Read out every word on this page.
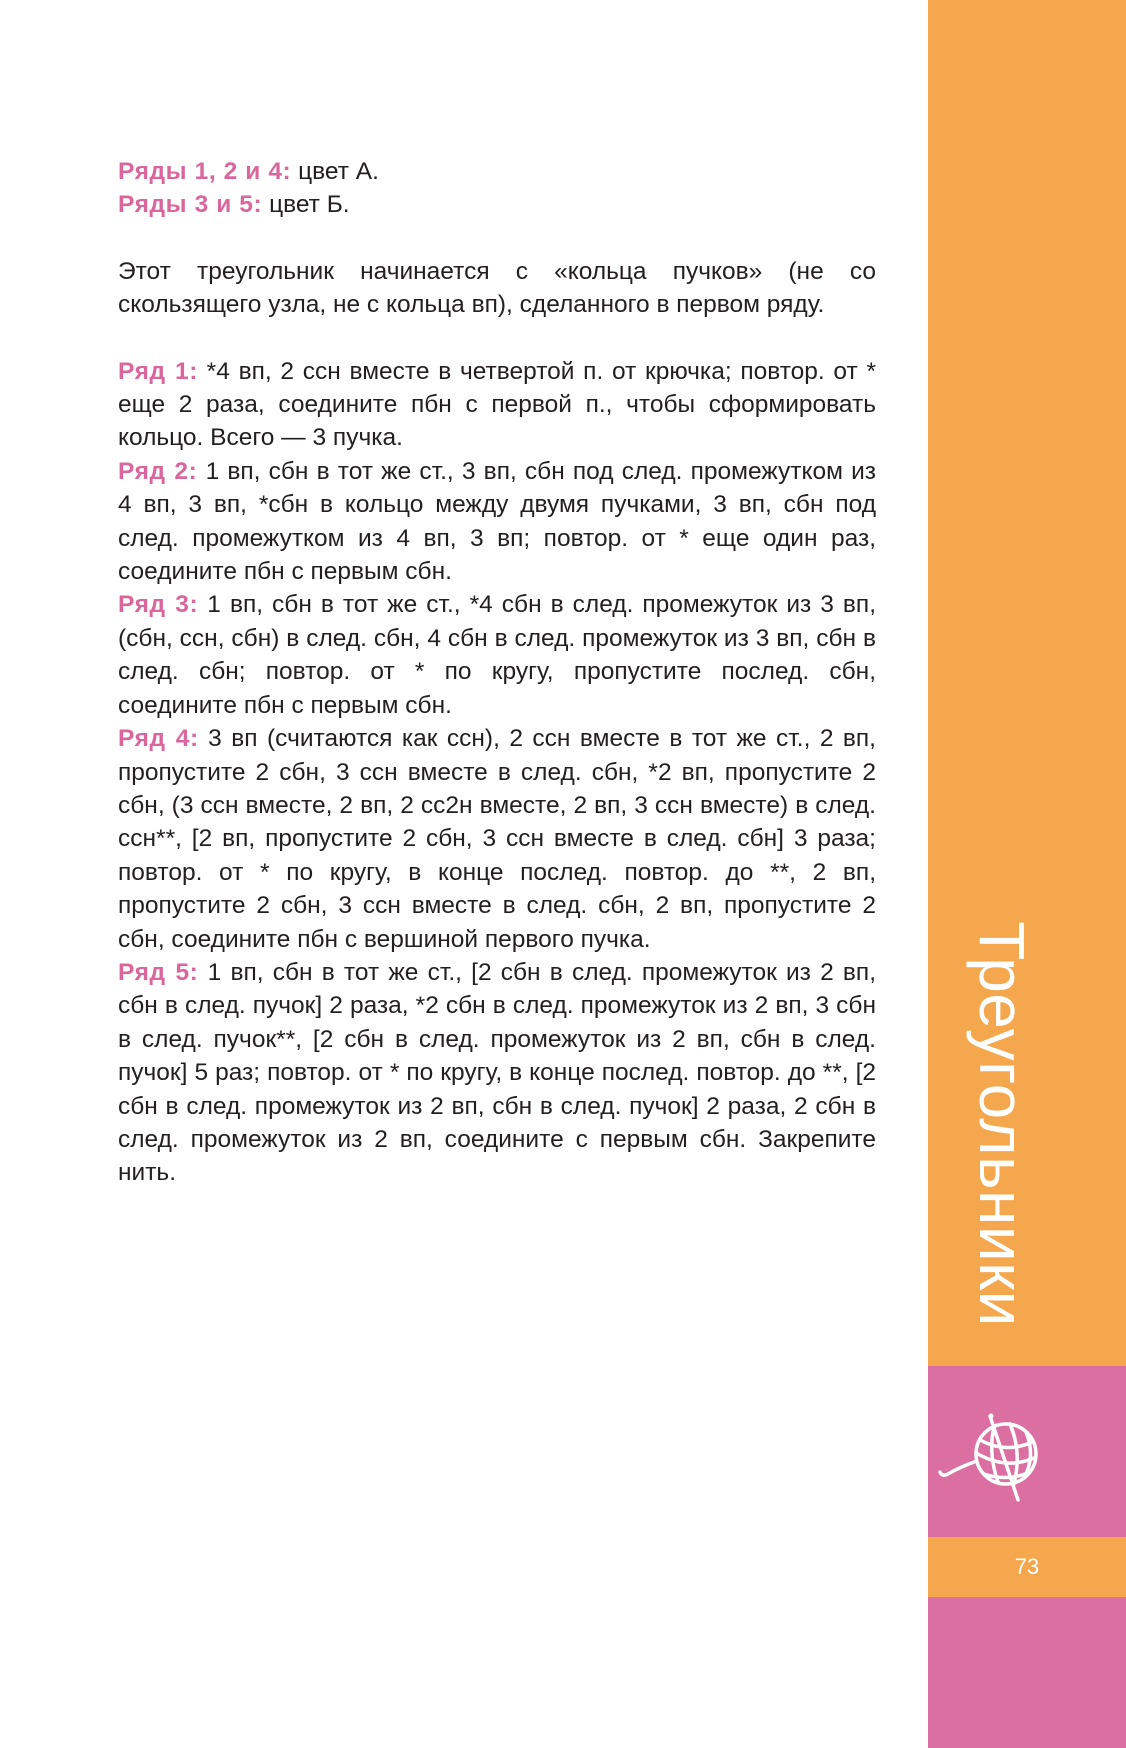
Ряды 1, 2 и 4: цвет А.

Ряды 3 и 5: цвет Б.

Этот треугольник начинается с «кольца пучков» (не со скользящего узла, не с кольца вп), сделанного в первом ряду.

Ряд 1: *4 вп, 2 ссн вместе в четвертой п. от крючка; повтор. от * еще 2 раза, соедините пбн с первой п., чтобы сформировать кольцо. Всего — 3 пучка.

Ряд 2: 1 вп, сбн в тот же ст., 3 вп, сбн под след. промежутком из 4 вп, 3 вп, *сбн в кольцо между двумя пучками, 3 вп, сбн под след. промежутком из 4 вп, 3 вп; повтор. от * еще один раз, соедините пбн с первым сбн.

Ряд 3: 1 вп, сбн в тот же ст., *4 сбн в след. промежуток из 3 вп, (сбн, ссн, сбн) в след. сбн, 4 сбн в след. промежуток из 3 вп, сбн в след. сбн; повтор. от * по кругу, пропустите послед. сбн, соедините пбн с первым сбн.

Ряд 4: 3 вп (считаются как ссн), 2 ссн вместе в тот же ст., 2 вп, пропустите 2 сбн, 3 ссн вместе в след. сбн, *2 вп, пропустите 2 сбн, (3 ссн вместе, 2 вп, 2 сс2н вместе, 2 вп, 3 ссн вместе) в след. ссн**, [2 вп, пропустите 2 сбн, 3 ссн вместе в след. сбн] 3 раза; повтор. от * по кругу, в конце послед. повтор. до **, 2 вп, пропустите 2 сбн, 3 ссн вместе в след. сбн, 2 вп, пропустите 2 сбн, соедините пбн с вершиной первого пучка.

Ряд 5: 1 вп, сбн в тот же ст., [2 сбн в след. промежуток из 2 вп, сбн в след. пучок] 2 раза, *2 сбн в след. промежуток из 2 вп, 3 сбн в след. пучок**, [2 сбн в след. промежуток из 2 вп, сбн в след. пучок] 5 раз; повтор. от * по кругу, в конце послед. повтор. до **, [2 сбн в след. промежуток из 2 вп, сбн в след. пучок] 2 раза, 2 сбн в след. промежуток из 2 вп, соедините с первым сбн. Закрепите нить.	Треугольники
73
